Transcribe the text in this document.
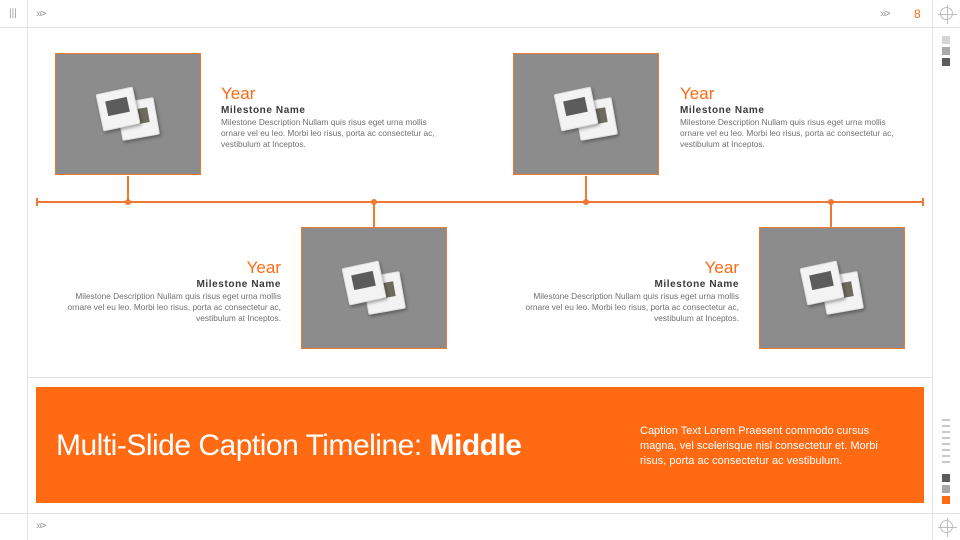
||| »>	»> 8
»>
Year
Milestone Name
Milestone Description Nullam quis risus eget urna mollis ornare vel eu leo. Morbi leo risus, porta ac consectetur ac, vestibulum at Inceptos.
Year
Milestone Name
Milestone Description Nullam quis risus eget urna mollis ornare vel eu leo. Morbi leo risus, porta ac consectetur ac, vestibulum at Inceptos.
Year
Milestone Name
Milestone Description Nullam quis risus eget urna mollis ornare vel eu leo. Morbi leo risus, porta ac consectetur ac, vestibulum at Inceptos.
Year
Milestone Name
Milestone Description Nullam quis risus eget urna mollis ornare vel eu leo. Morbi leo risus, porta ac consectetur ac, vestibulum at Inceptos.
Multi-Slide Caption Timeline: Middle	Caption Text Lorem Praesent commodo cursus magna, vel scelerisque nisl consectetur et. Morbi risus, porta ac consectetur ac vestibulum.
